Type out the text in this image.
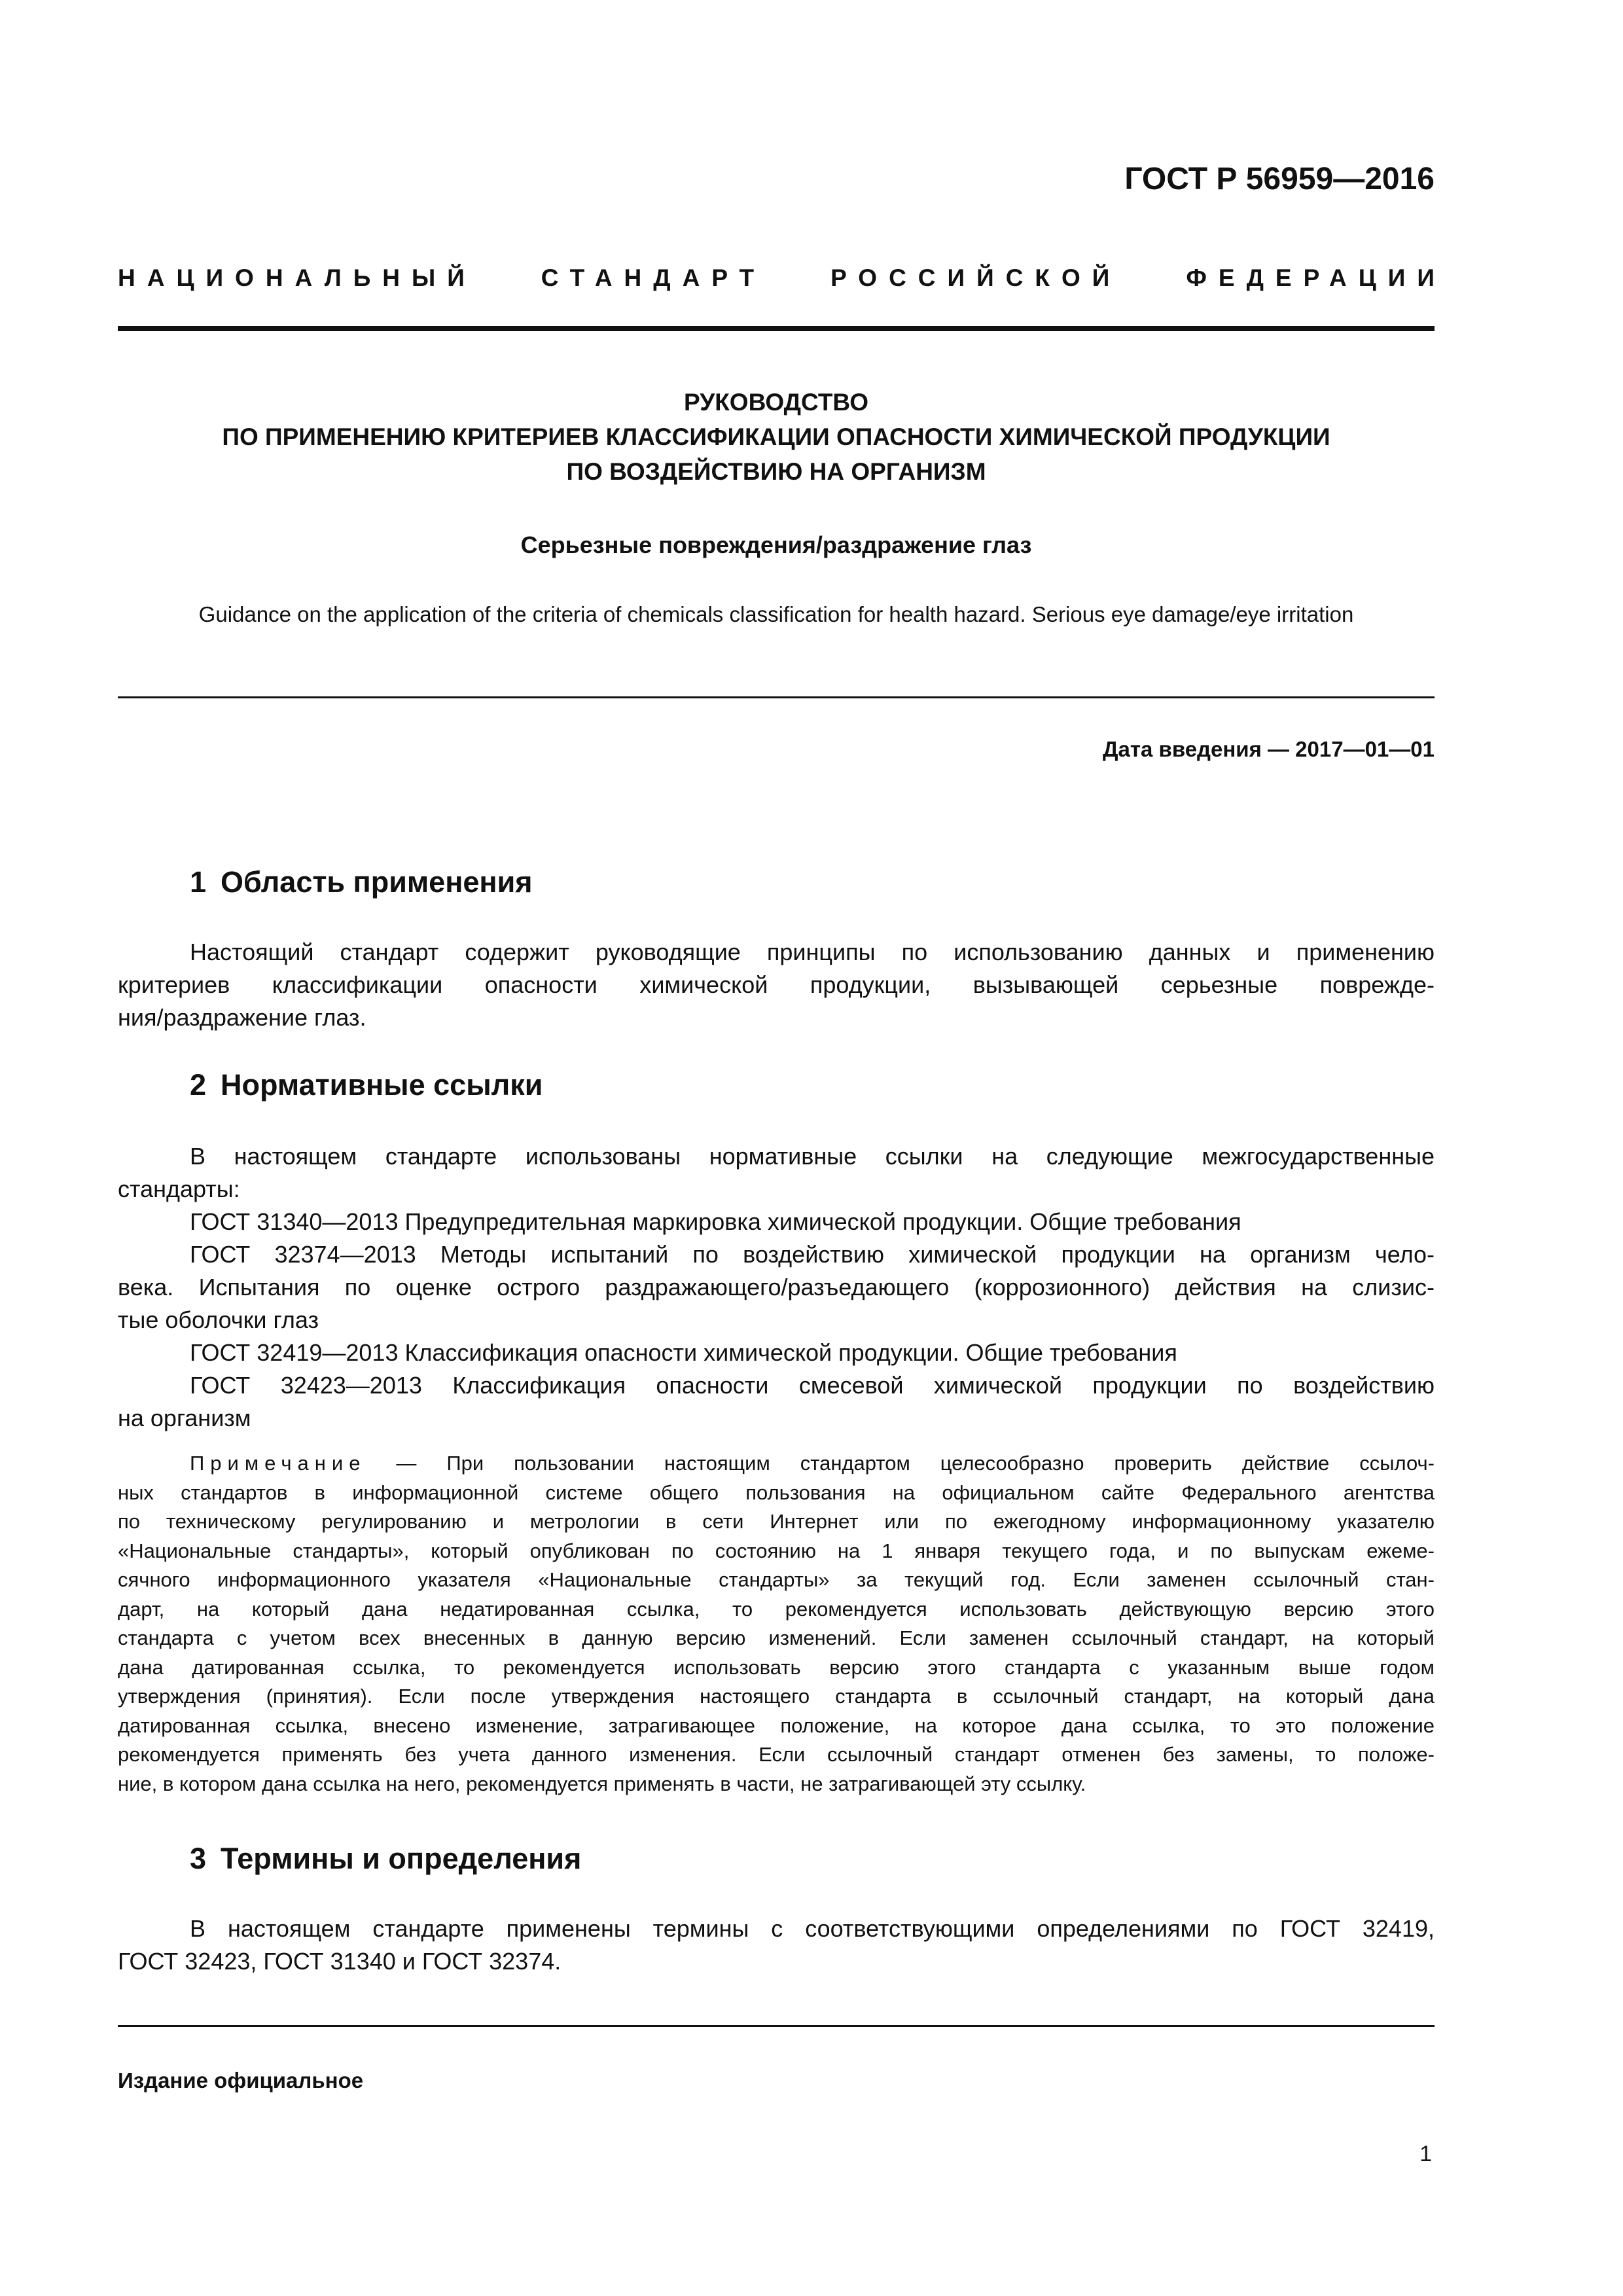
ГОСТ Р 56959—2016
НАЦИОНАЛЬНЫЙ	СТАНДАРТ	РОССИЙСКОЙ	ФЕДЕРАЦИИ
РУКОВОДСТВО
ПО ПРИМЕНЕНИЮ КРИТЕРИЕВ КЛАССИФИКАЦИИ ОПАСНОСТИ ХИМИЧЕСКОЙ ПРОДУКЦИИ
ПО ВОЗДЕЙСТВИЮ НА ОРГАНИЗМ
Серьезные повреждения/раздражение глаз
Guidance on the application of the criteria of chemicals classification for health hazard. Serious eye damage/eye irritation
Дата введения — 2017—01—01
1 Область применения
Настоящий стандарт содержит руководящие принципы по использованию данных и применению
критериев классификации опасности химической продукции, вызывающей серьезные поврежде-
ния/раздражение глаз.
2 Нормативные ссылки
В настоящем стандарте использованы нормативные ссылки на следующие межгосударственные
стандарты:
ГОСТ 31340—2013 Предупредительная маркировка химической продукции. Общие требования
ГОСТ 32374—2013 Методы испытаний по воздействию химической продукции на организм чело-
века. Испытания по оценке острого раздражающего/разъедающего (коррозионного) действия на слизис-
тые оболочки глаз
ГОСТ 32419—2013 Классификация опасности химической продукции. Общие требования
ГОСТ 32423—2013 Классификация опасности смесевой химической продукции по воздействию
на организм
Примечание — При пользовании настоящим стандартом целесообразно проверить действие ссылоч-
ных стандартов в информационной системе общего пользования на официальном сайте Федерального агентства
по техническому регулированию и метрологии в сети Интернет или по ежегодному информационному указателю
«Национальные стандарты», который опубликован по состоянию на 1 января текущего года, и по выпускам ежеме-
сячного информационного указателя «Национальные стандарты» за текущий год. Если заменен ссылочный стан-
дарт, на который дана недатированная ссылка, то рекомендуется использовать действующую версию этого
стандарта с учетом всех внесенных в данную версию изменений. Если заменен ссылочный стандарт, на который
дана датированная ссылка, то рекомендуется использовать версию этого стандарта с указанным выше годом
утверждения (принятия). Если после утверждения настоящего стандарта в ссылочный стандарт, на который дана
датированная ссылка, внесено изменение, затрагивающее положение, на которое дана ссылка, то это положение
рекомендуется применять без учета данного изменения. Если ссылочный стандарт отменен без замены, то положе-
ние, в котором дана ссылка на него, рекомендуется применять в части, не затрагивающей эту ссылку.
3 Термины и определения
В настоящем стандарте применены термины с соответствующими определениями по ГОСТ 32419,
ГОСТ 32423, ГОСТ 31340 и ГОСТ 32374.
Издание официальное
1
